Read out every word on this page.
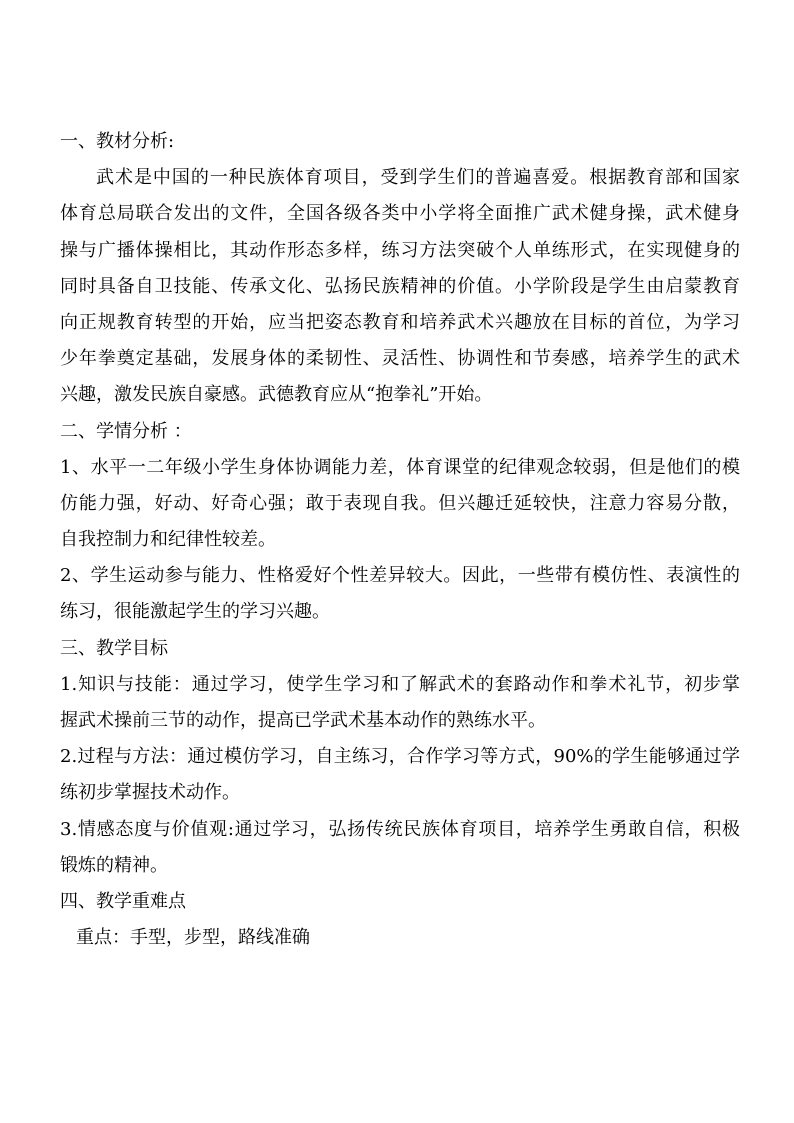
一、教材分析:
武术是中国的一种民族体育项目，受到学生们的普遍喜爱。根据教育部和国家
体育总局联合发出的文件，全国各级各类中小学将全面推广武术健身操，武术健身
操与广播体操相比，其动作形态多样，练习方法突破个人单练形式，在实现健身的
同时具备自卫技能、传承文化、弘扬民族精神的价值。小学阶段是学生由启蒙教育
向正规教育转型的开始，应当把姿态教育和培养武术兴趣放在目标的首位，为学习
少年拳奠定基础，发展身体的柔韧性、灵活性、协调性和节奏感，培养学生的武术
兴趣，激发民族自豪感。武德教育应从“抱拳礼”开始。
二、学情分析 ：
1、水平一二年级小学生身体协调能力差，体育课堂的纪律观念较弱，但是他们的模
仿能力强，好动、好奇心强；敢于表现自我。但兴趣迁延较快，注意力容易分散，
自我控制力和纪律性较差。
2、学生运动参与能力、性格爱好个性差异较大。因此，一些带有模仿性、表演性的
练习，很能激起学生的学习兴趣。
三、教学目标
1.知识与技能：通过学习，使学生学习和了解武术的套路动作和拳术礼节，初步掌
握武术操前三节的动作，提高已学武术基本动作的熟练水平。
2.过程与方法：通过模仿学习，自主练习，合作学习等方式，90%的学生能够通过学
练初步掌握技术动作。
3.情感态度与价值观:通过学习，弘扬传统民族体育项目，培养学生勇敢自信，积极
锻炼的精神。
四、教学重难点
重点：手型，步型，路线准确
